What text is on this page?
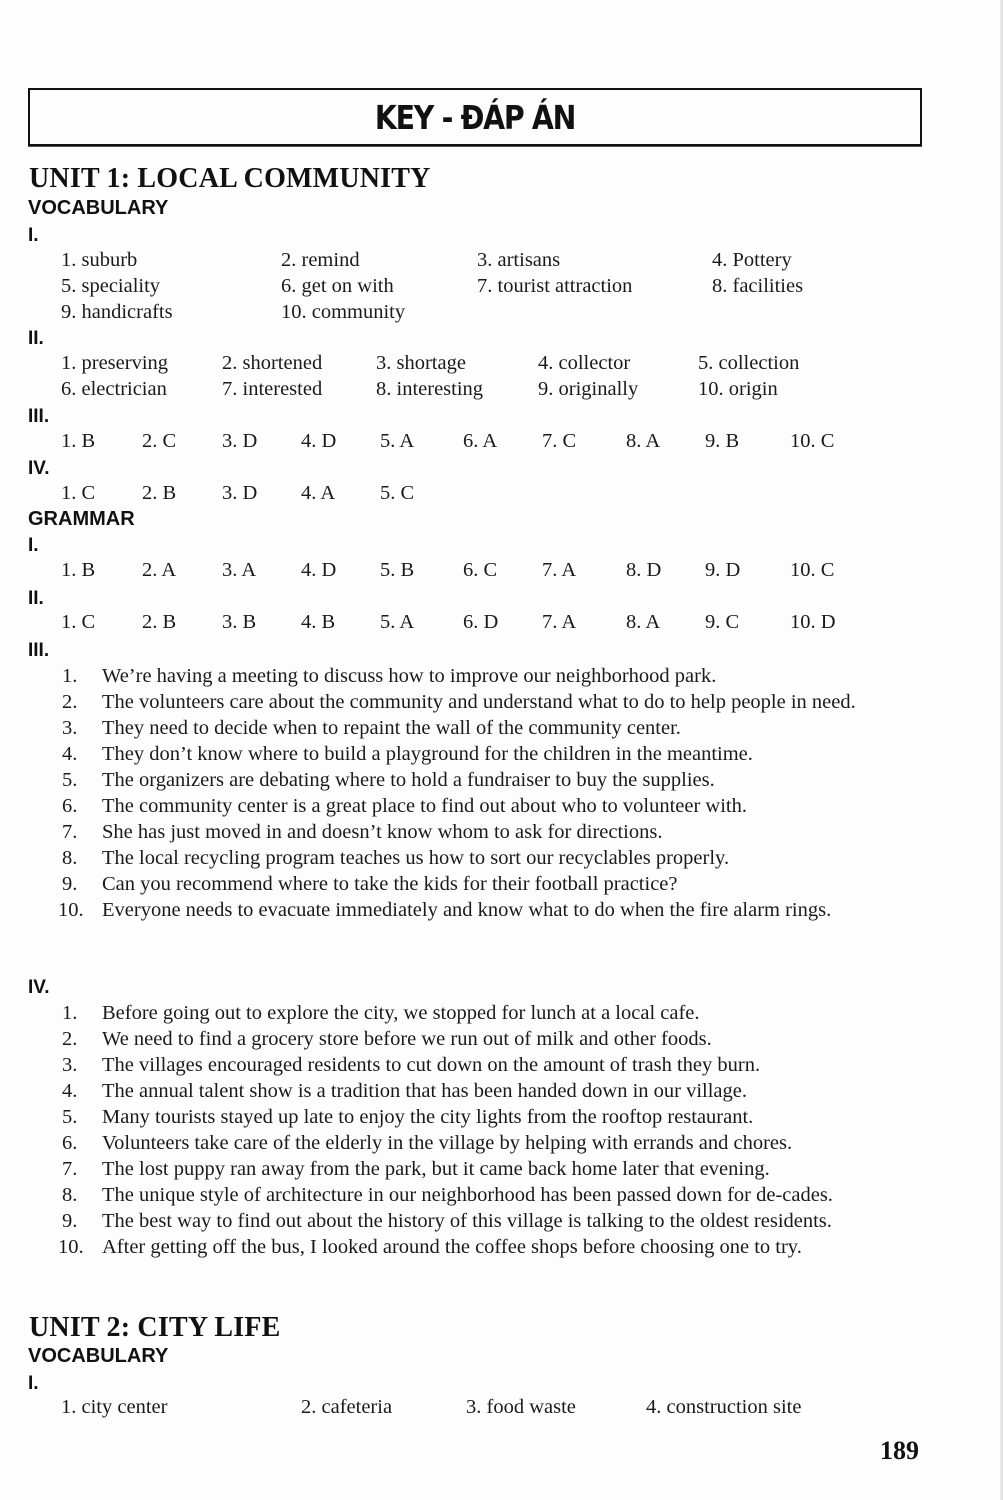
KEY - ĐÁP ÁN
UNIT 1: LOCAL COMMUNITY
VOCABULARY
I.
1. suburb	2. remind	3. artisans	4. Pottery
5. speciality	6. get on with	7. tourist attraction	8. facilities
9. handicrafts	10. community
II.
1. preserving	2. shortened	3. shortage	4. collector	5. collection
6. electrician	7. interested	8. interesting	9. originally	10. origin
III.
1. B 2. C 3. D 4. D 5. A 6. A 7. C 8. A 9. B 10. C
IV.
1. C 2. B 3. D 4. A 5. C
GRAMMAR
I.
1. B 2. A 3. A 4. D 5. B 6. C 7. A 8. D 9. D 10. C
II.
1. C 2. B 3. B 4. B 5. A 6. D 7. A 8. A 9. C 10. D
III.
1.	We’re having a meeting to discuss how to improve our neighborhood park.
2.	The volunteers care about the community and understand what to do to help people in need.
3.	They need to decide when to repaint the wall of the community center.
4.	They don’t know where to build a playground for the children in the meantime.
5.	The organizers are debating where to hold a fundraiser to buy the supplies.
6.	The community center is a great place to find out about who to volunteer with.
7.	She has just moved in and doesn’t know whom to ask for directions.
8.	The local recycling program teaches us how to sort our recyclables properly.
9.	Can you recommend where to take the kids for their football practice?
10. Everyone needs to evacuate immediately and know what to do when the fire alarm rings.
IV.
1.	Before going out to explore the city, we stopped for lunch at a local cafe.
2.	We need to find a grocery store before we run out of milk and other foods.
3.	The villages encouraged residents to cut down on the amount of trash they burn.
4.	The annual talent show is a tradition that has been handed down in our village.
5.	Many tourists stayed up late to enjoy the city lights from the rooftop restaurant.
6.	Volunteers take care of the elderly in the village by helping with errands and chores.
7.	The lost puppy ran away from the park, but it came back home later that evening.
8.	The unique style of architecture in our neighborhood has been passed down for de-cades.
9.	The best way to find out about the history of this village is talking to the oldest residents.
10. After getting off the bus, I looked around the coffee shops before choosing one to try.
UNIT 2: CITY LIFE
VOCABULARY
I.
1. city center	2. cafeteria	3. food waste	4. construction site
189
